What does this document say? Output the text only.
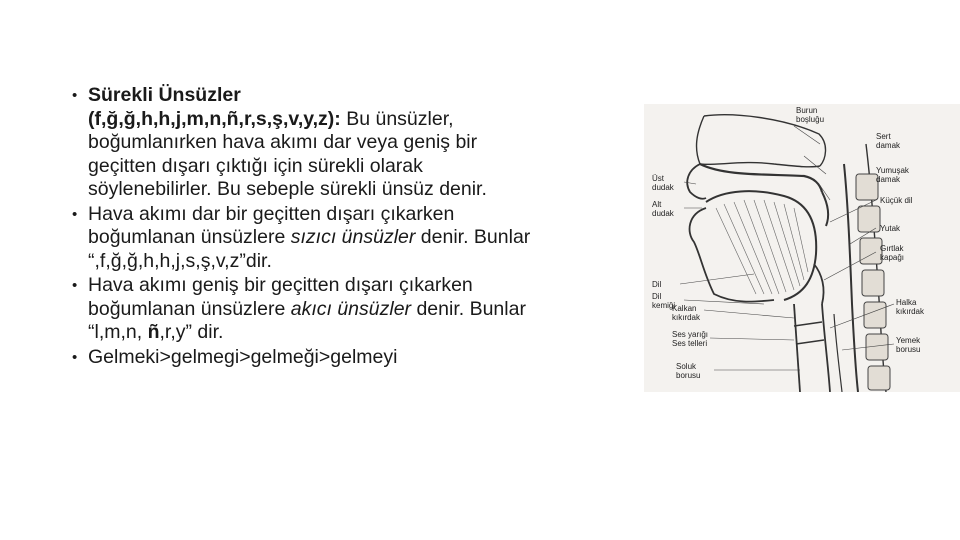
• Sürekli Ünsüzler
(f,ğ,ğ,h,h,j,m,n,ñ,r,s,ş,v,y,z): Bu ünsüzler, boğumlanırken hava akımı dar veya geniş bir geçitten dışarı çıktığı için sürekli olarak söylenebilirler. Bu sebeple sürekli ünsüz denir.
• Hava akımı dar bir geçitten dışarı çıkarken boğumlanan ünsüzlere sızıcı ünsüzler denir. Bunlar “,f,ğ,ğ,h,h,j,s,ş,v,z”dir.
• Hava akımı geniş bir geçitten dışarı çıkarken boğumlanan ünsüzlere akıcı ünsüzler denir. Bunlar “l,m,n, ñ,r,y” dir.
• Gelmeki>gelmegi>gelmeği>gelmeyi
Burun
boşluğu
Sert
damak
Yumuşak
damak
Üst
dudak
Alt
dudak
Küçük dil
Yutak
Gırtlak
kapağı
Dil
Dil
kemiği
Kalkan
kıkırdak
Halka
kıkırdak
Ses yarığı
Ses telleri	Yemek
borusu
Soluk
borusu
